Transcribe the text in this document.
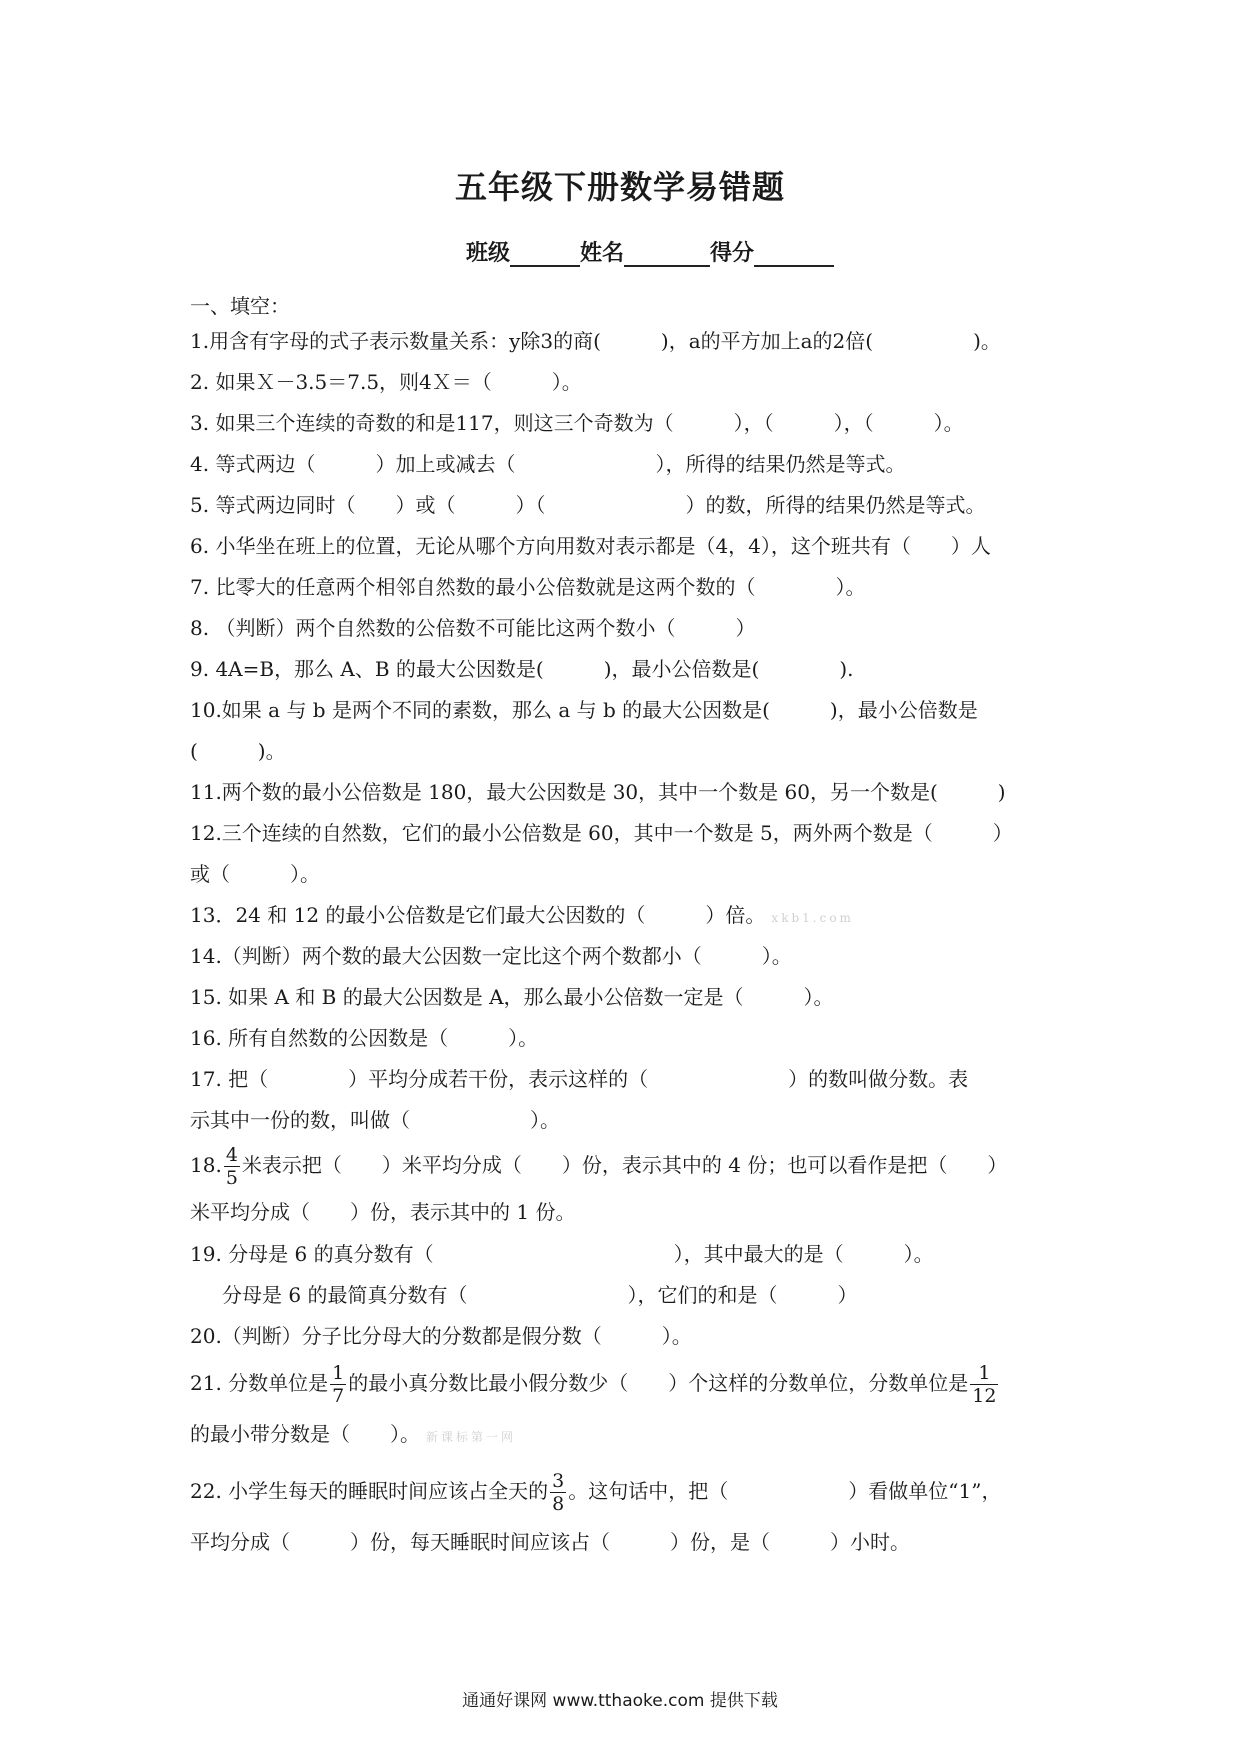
五年级下册数学易错题
班级	姓名	得分
一、填空：
1.用含有字母的式子表示数量关系：y除3的商(　　　)，a的平方加上a的2倍(　　　　　)。
2. 如果Ｘ－3.5＝7.5，则4Ｘ＝（　　　）。
3. 如果三个连续的奇数的和是117，则这三个奇数为（　　　），（　　　），（　　　）。
4. 等式两边（　　　）加上或减去（　　　　　　　），所得的结果仍然是等式。
5. 等式两边同时（　　）或（　　　）（　　　　　　　）的数，所得的结果仍然是等式。
6. 小华坐在班上的位置，无论从哪个方向用数对表示都是（4，4），这个班共有（　　）人
7. 比零大的任意两个相邻自然数的最小公倍数就是这两个数的（　　　　）。
8. （判断）两个自然数的公倍数不可能比这两个数小（　　　）
9. 4A=B，那么 A、B 的最大公因数是(　　　)，最小公倍数是(　　　　).
10.如果 a 与 b 是两个不同的素数，那么 a 与 b 的最大公因数是(　　　)，最小公倍数是
(　　　)。
11.两个数的最小公倍数是 180，最大公因数是 30，其中一个数是 60，另一个数是(　　　)
12.三个连续的自然数，它们的最小公倍数是 60，其中一个数是 5，两外两个数是（　　　）
或（　　　）。
13．24 和 12 的最小公倍数是它们最大公因数的（　　　）倍。 xkb1.com
14.（判断）两个数的最大公因数一定比这个两个数都小（　　　）。
15. 如果 A 和 B 的最大公因数是 A，那么最小公倍数一定是（　　　）。
16. 所有自然数的公因数是（　　　）。
17. 把（　　　　）平均分成若干份，表示这样的（　　　　　　　）的数叫做分数。表
示其中一份的数，叫做（　　　　　　）。
18. $\frac{4}{5}$ 米表示把（　　）米平均分成（　　）份，表示其中的 4 份；也可以看作是把（　　）
米平均分成（　　）份，表示其中的 1 份。
19. 分母是 6 的真分数有（　　　　　　　　　　　　），其中最大的是（　　　）。
分母是 6 的最简真分数有（　　　　　　　　），它们的和是（　　　）
20.（判断）分子比分母大的分数都是假分数（　　　）。
21. 分数单位是 $\frac{1}{7}$ 的最小真分数比最小假分数少（　　）个这样的分数单位，分数单位是 $\frac{1}{12}$
的最小带分数是（　　）。 新课标第一网
22. 小学生每天的睡眠时间应该占全天的 $\frac{3}{8}$ 。这句话中，把（　　　　　　）看做单位“1”，
平均分成（　　　）份，每天睡眠时间应该占（　　　）份，是（　　　）小时。
通通好课网 www.tthaoke.com 提供下载
